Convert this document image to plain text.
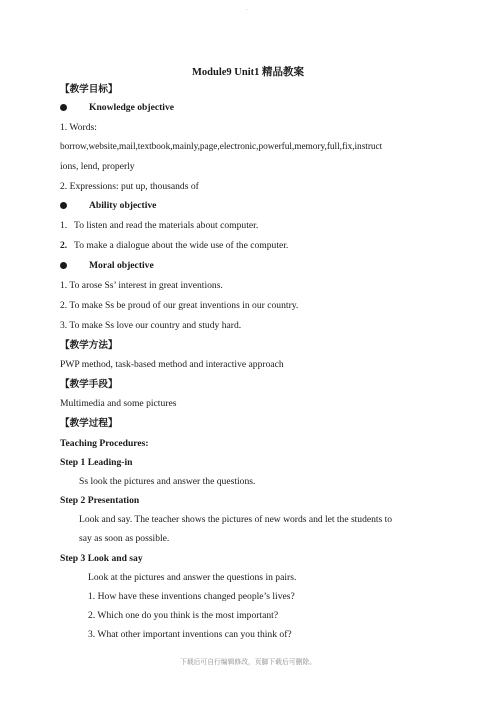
.
Module9 Unit1 精品教案
【教学目标】
Knowledge objective
1. Words:
borrow,website,mail,textbook,mainly,page,electronic,powerful,memory,full,fix,instruct
ions, lend, properly
2. Expressions: put up, thousands of
Ability objective
1. To listen and read the materials about computer.
2. To make a dialogue about the wide use of the computer.
Moral objective
1. To arose Ss’ interest in great inventions.
2. To make Ss be proud of our great inventions in our country.
3. To make Ss love our country and study hard.
【教学方法】
PWP method, task-based method and interactive approach
【教学手段】
Multimedia and some pictures
【教学过程】
Teaching Procedures:
Step 1 Leading-in
Ss look the pictures and answer the questions.
Step 2 Presentation
Look and say. The teacher shows the pictures of new words and let the students to
say as soon as possible.
Step 3 Look and say
Look at the pictures and answer the questions in pairs.
1. How have these inventions changed people’s lives?
2. Which one do you think is the most important?
3. What other important inventions can you think of?
下载后可自行编辑修改，页脚下载后可删除。
